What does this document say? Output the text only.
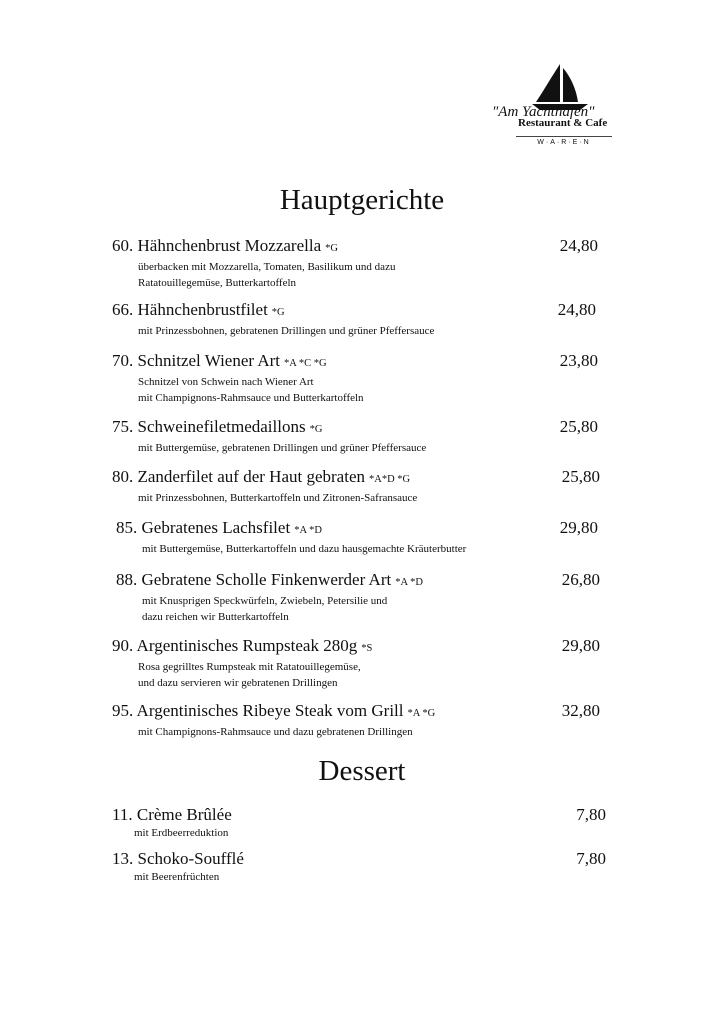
"Am Yachthafen"
Restaurant & Cafe
W·A·R·E·N
Hauptgerichte
Dessert
60. Hähnchenbrust Mozzarella *G
überbacken mit Mozzarella, Tomaten, Basilikum und dazu
Ratatouillegemüse, Butterkartoffeln
24,80
66. Hähnchenbrustfilet *G
mit Prinzessbohnen, gebratenen Drillingen und grüner Pfeffersauce
24,80
70. Schnitzel Wiener Art *A *C *G
Schnitzel von Schwein nach Wiener Art
mit Champignons-Rahmsauce und Butterkartoffeln
23,80
75. Schweinefiletmedaillons *G
mit Buttergemüse, gebratenen Drillingen und grüner Pfeffersauce
25,80
80. Zanderfilet auf der Haut gebraten *A*D *G
mit Prinzessbohnen, Butterkartoffeln und Zitronen-Safransauce
25,80
85. Gebratenes Lachsfilet *A *D
mit Buttergemüse, Butterkartoffeln und dazu hausgemachte Kräuterbutter
29,80
88. Gebratene Scholle Finkenwerder Art *A *D
mit Knusprigen Speckwürfeln, Zwiebeln, Petersilie und
dazu reichen wir Butterkartoffeln
26,80
90. Argentinisches Rumpsteak 280g *S
Rosa gegrilltes Rumpsteak mit Ratatouillegemüse,
und dazu servieren wir gebratenen Drillingen
29,80
95. Argentinisches Ribeye Steak vom Grill *A *G
mit Champignons-Rahmsauce und dazu gebratenen Drillingen
32,80
11. Crème Brûlée
mit Erdbeerreduktion
7,80
13. Schoko-Soufflé
mit Beerenfrüchten
7,80
